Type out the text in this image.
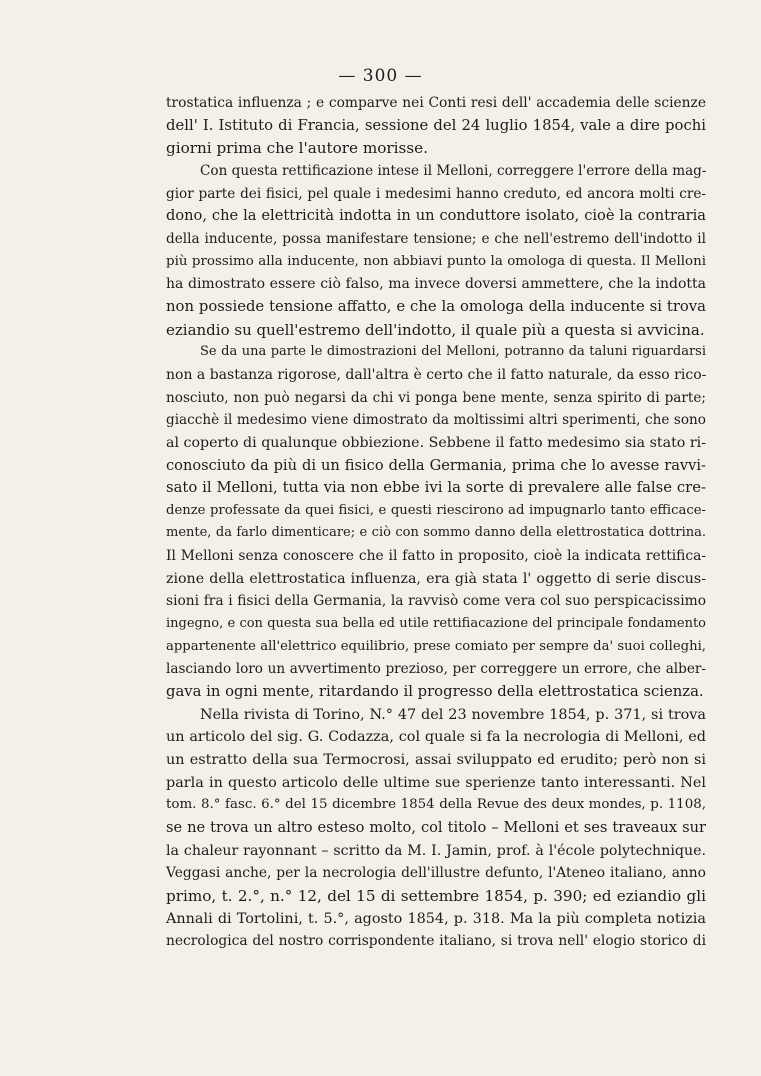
— 300 —
trostatica influenza ; e comparve nei Conti resi dell' accademia delle scienze
dell' I. Istituto di Francia, sessione del 24 luglio 1854, vale a dire pochi
giorni prima che l'autore morisse.
Con questa rettificazione intese il Melloni, correggere l'errore della mag-
gior parte dei fisici, pel quale i medesimi hanno creduto, ed ancora molti cre-
dono, che la elettricità indotta in un conduttore isolato, cioè la contraria
della inducente, possa manifestare tensione; e che nell'estremo dell'indotto il
più prossimo alla inducente, non abbiavi punto la omologa di questa. Il Melloni
ha dimostrato essere ciò falso, ma invece doversi ammettere, che la indotta
non possiede tensione affatto, e che la omologa della inducente si trova
eziandio su quell'estremo dell'indotto, il quale più a questa si avvicina.
Se da una parte le dimostrazioni del Melloni, potranno da taluni riguardarsi
non a bastanza rigorose, dall'altra è certo che il fatto naturale, da esso rico-
nosciuto, non può negarsi da chi vi ponga bene mente, senza spirito di parte;
giacchè il medesimo viene dimostrato da moltissimi altri sperimenti, che sono
al coperto di qualunque obbiezione. Sebbene il fatto medesimo sia stato ri-
conosciuto da più di un fisico della Germania, prima che lo avesse ravvi-
sato il Melloni, tutta via non ebbe ivi la sorte di prevalere alle false cre-
denze professate da quei fisici, e questi riescirono ad impugnarlo tanto efficace-
mente, da farlo dimenticare; e ciò con sommo danno della elettrostatica dottrina.
Il Melloni senza conoscere che il fatto in proposito, cioè la indicata rettifica-
zione della elettrostatica influenza, era già stata l' oggetto di serie discus-
sioni fra i fisici della Germania, la ravvisò come vera col suo perspicacissimo
ingegno, e con questa sua bella ed utile rettifiacazione del principale fondamento
appartenente all'elettrico equilibrio, prese comiato per sempre da' suoi colleghi,
lasciando loro un avvertimento prezioso, per correggere un errore, che alber-
gava in ogni mente, ritardando il progresso della elettrostatica scienza.
Nella rivista di Torino, N.° 47 del 23 novembre 1854, p. 371, si trova
un articolo del sig. G. Codazza, col quale si fa la necrologia di Melloni, ed
un estratto della sua Termocrosi, assai sviluppato ed erudito; però non si
parla in questo articolo delle ultime sue sperienze tanto interessanti. Nel
tom. 8.° fasc. 6.° del 15 dicembre 1854 della Revue des deux mondes, p. 1108,
se ne trova un altro esteso molto, col titolo – Melloni et ses traveaux sur
la chaleur rayonnant – scritto da M. I. Jamin, prof. à l'école polytechnique.
Veggasi anche, per la necrologia dell'illustre defunto, l'Ateneo italiano, anno
primo, t. 2.°, n.° 12, del 15 di settembre 1854, p. 390; ed eziandio gli
Annali di Tortolini, t. 5.°, agosto 1854, p. 318. Ma la più completa notizia
necrologica del nostro corrispondente italiano, si trova nell' elogio storico di
